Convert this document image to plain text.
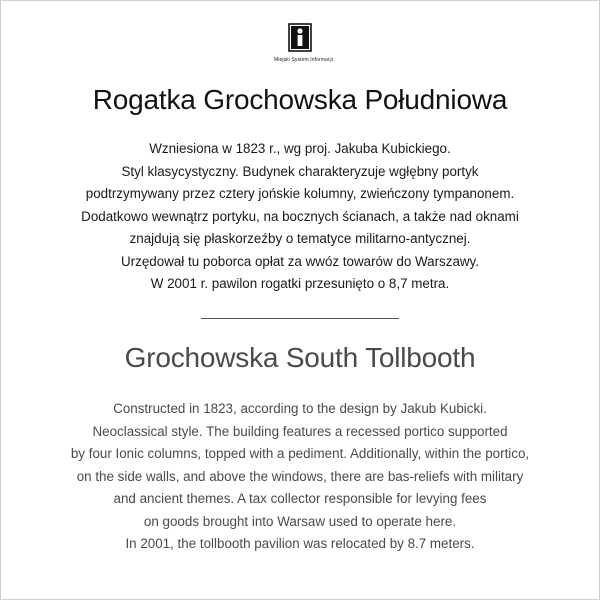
Miejski System Informacji
Rogatka Grochowska Południowa
Wzniesiona w 1823 r., wg proj. Jakuba Kubickiego.
Styl klasycystyczny. Budynek charakteryzuje wgłębny portyk
podtrzymywany przez cztery jońskie kolumny, zwieńczony tympanonem.
Dodatkowo wewnątrz portyku, na bocznych ścianach, a także nad oknami
znajdują się płaskorzeźby o tematyce militarno-antycznej.
Urzędował tu poborca opłat za wwóz towarów do Warszawy.
W 2001 r. pawilon rogatki przesunięto o 8,7 metra.
Grochowska South Tollbooth
Constructed in 1823, according to the design by Jakub Kubicki.
Neoclassical style. The building features a recessed portico supported
by four Ionic columns, topped with a pediment. Additionally, within the portico,
on the side walls, and above the windows, there are bas-reliefs with military
and ancient themes. A tax collector responsible for levying fees
on goods brought into Warsaw used to operate here.
In 2001, the tollbooth pavilion was relocated by 8.7 meters.
